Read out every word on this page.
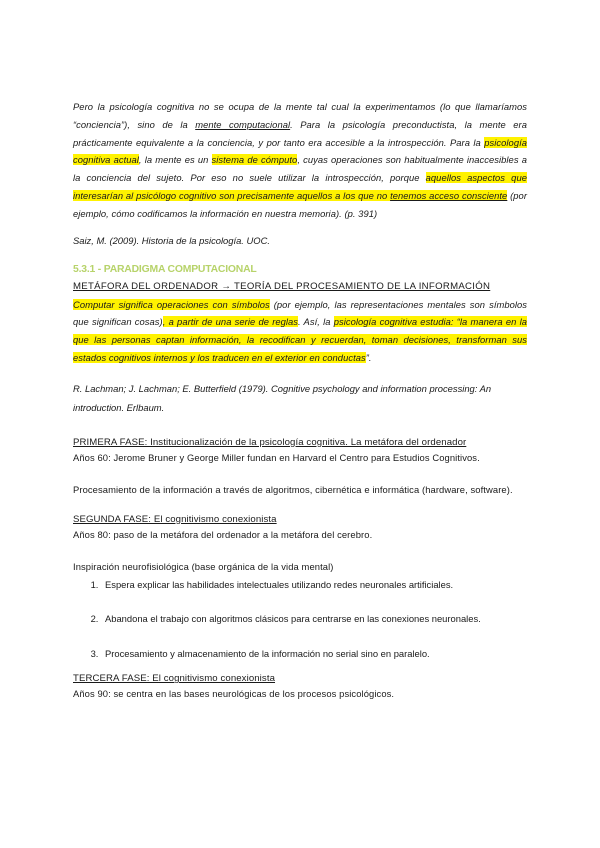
Pero la psicología cognitiva no se ocupa de la mente tal cual la experimentamos (lo que llamaríamos “conciencia”), sino de la mente computacional. Para la psicología preconductista, la mente era prácticamente equivalente a la conciencia, y por tanto era accesible a la introspección. Para la psicología cognitiva actual, la mente es un sistema de cómputo, cuyas operaciones son habitualmente inaccesibles a la conciencia del sujeto. Por eso no suele utilizar la introspección, porque aquellos aspectos que interesarían al psicólogo cognitivo son precisamente aquellos a los que no tenemos acceso consciente (por ejemplo, cómo codificamos la información en nuestra memoria). (p. 391)

Saiz, M. (2009). Historia de la psicología. UOC.

5.3.1 - PARADIGMA COMPUTACIONAL

METÁFORA DEL ORDENADOR → TEORÍA DEL PROCESAMIENTO DE LA INFORMACIÓN

Computar significa operaciones con símbolos (por ejemplo, las representaciones mentales son símbolos que significan cosas), a partir de una serie de reglas. Así, la psicología cognitiva estudia: “la manera en la que las personas captan información, la recodifican y recuerdan, toman decisiones, transforman sus estados cognitivos internos y los traducen en el exterior en conductas”.

R. Lachman; J. Lachman; E. Butterfield (1979). Cognitive psychology and information processing: An introduction. Erlbaum.

PRIMERA FASE: Institucionalización de la psicología cognitiva. La metáfora del ordenador

Años 60: Jerome Bruner y George Miller fundan en Harvard el Centro para Estudios Cognitivos.

Procesamiento de la información a través de algoritmos, cibernética e informática (hardware, software).

SEGUNDA FASE: El cognitivismo conexionista

Años 80: paso de la metáfora del ordenador a la metáfora del cerebro.

Inspiración neurofisiológica (base orgánica de la vida mental)

1. Espera explicar las habilidades intelectuales utilizando redes neuronales artificiales.
2. Abandona el trabajo con algoritmos clásicos para centrarse en las conexiones neuronales.
3. Procesamiento y almacenamiento de la información no serial sino en paralelo.

TERCERA FASE: El cognitivismo conexionista

Años 90: se centra en las bases neurológicas de los procesos psicológicos.
